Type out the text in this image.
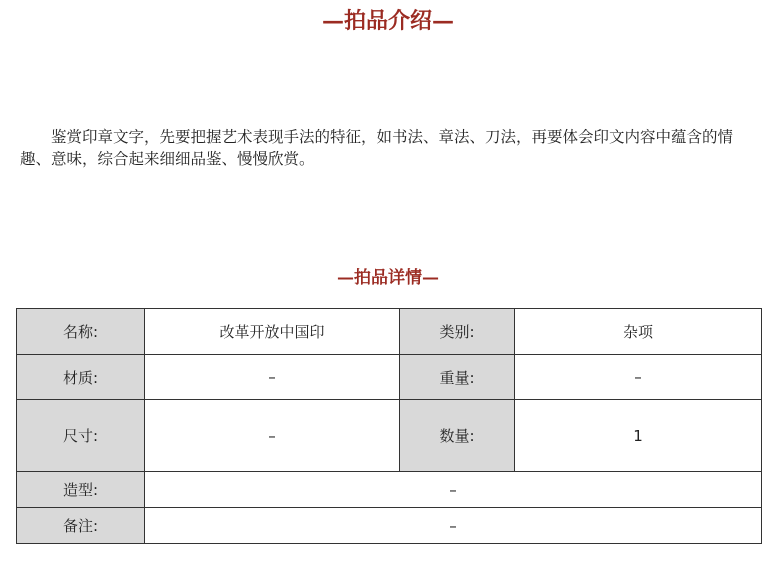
—拍品介绍—

鉴赏印章文字，先要把握艺术表现手法的特征，如书法、章法、刀法，再要体会印文内容中蕴含的情趣、意味，综合起来细细品鉴、慢慢欣赏。

—拍品详情—
名称:	改革开放中国印	类别:	杂项
材质:	–	重量:	–
尺寸:	–	数量:	1
造型:	–		
备注:	–		
